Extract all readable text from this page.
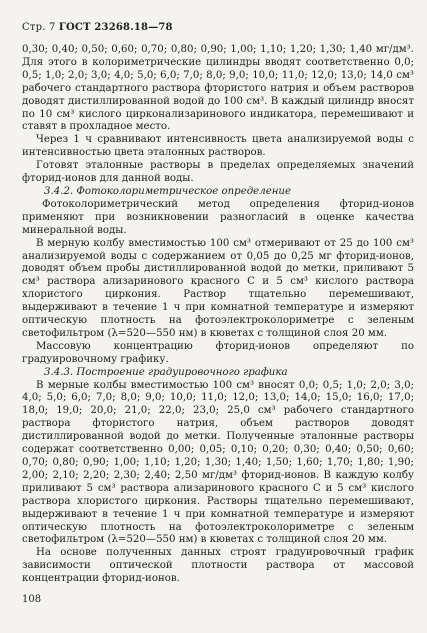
Стр. 7 ГОСТ 23268.18—78

0,30; 0,40; 0,50; 0,60; 0,70; 0,80; 0,90; 1,00; 1,10; 1,20; 1,30; 1,40 мг/дм³. Для этого в колориметрические цилиндры вводят соответственно 0,0; 0,5; 1,0; 2,0; 3,0; 4,0; 5,0; 6,0; 7,0; 8,0; 9,0; 10,0; 11,0; 12,0; 13,0; 14,0 см³ рабочего стандартного раствора фтористого натрия и объем растворов доводят дистиллированной водой до 100 см³. В каждый цилиндр вносят по 10 см³ кислого цирконализаринового индикатора, перемешивают и ставят в прохладное место.

Через 1 ч сравнивают интенсивность цвета анализируемой воды с интенсивностью цвета эталонных растворов.

Готовят эталонные растворы в пределах определяемых значений фторид-ионов для данной воды.

3.4.2. Фотоколориметрическое определение

Фотоколориметрический метод определения фторид-ионов применяют при возникновении разногласий в оценке качества минеральной воды.

В мерную колбу вместимостью 100 см³ отмеривают от 25 до 100 см³ анализируемой воды с содержанием от 0,05 до 0,25 мг фторид-ионов, доводят объем пробы дистиллированной водой до метки, приливают 5 см³ раствора ализаринового красного С и 5 см³ кислого раствора хлористого циркония. Раствор тщательно перемешивают, выдерживают в течение 1 ч при комнатной температуре и измеряют оптическую плотность на фотоэлектроколориметре с зеленым светофильтром (λ=520—550 нм) в кюветах с толщиной слоя 20 мм.

Массовую концентрацию фторид-ионов определяют по градуировочному графику.

3.4.3. Построение градуировочного графика

В мерные колбы вместимостью 100 см³ вносят 0,0; 0,5; 1,0; 2,0; 3,0; 4,0; 5,0; 6,0; 7,0; 8,0; 9,0; 10,0; 11,0; 12,0; 13,0; 14,0; 15,0; 16,0; 17,0; 18,0; 19,0; 20,0; 21,0; 22,0; 23,0; 25,0 см³ рабочего стандартного раствора фтористого натрия, объем растворов доводят дистиллированной водой до метки. Полученные эталонные растворы содержат соответственно 0,00; 0,05; 0,10; 0,20; 0,30; 0,40; 0,50; 0,60; 0,70; 0,80; 0,90; 1,00; 1,10; 1,20; 1,30; 1,40; 1,50; 1,60; 1,70; 1,80; 1,90; 2,00; 2,10; 2,20; 2,30; 2,40; 2,50 мг/дм³ фторид-ионов. В каждую колбу приливают 5 см³ раствора ализаринового красного С и 5 см³ кислого раствора хлористого циркония. Растворы тщательно перемешивают, выдерживают в течение 1 ч при комнатной температуре и измеряют оптическую плотность на фотоэлектроколориметре с зеленым светофильтром (λ=520—550 нм) в кюветах с толщиной слоя 20 мм.

На основе полученных данных строят градуировочный график зависимости оптической плотности раствора от массовой концентрации фторид-ионов.

108
